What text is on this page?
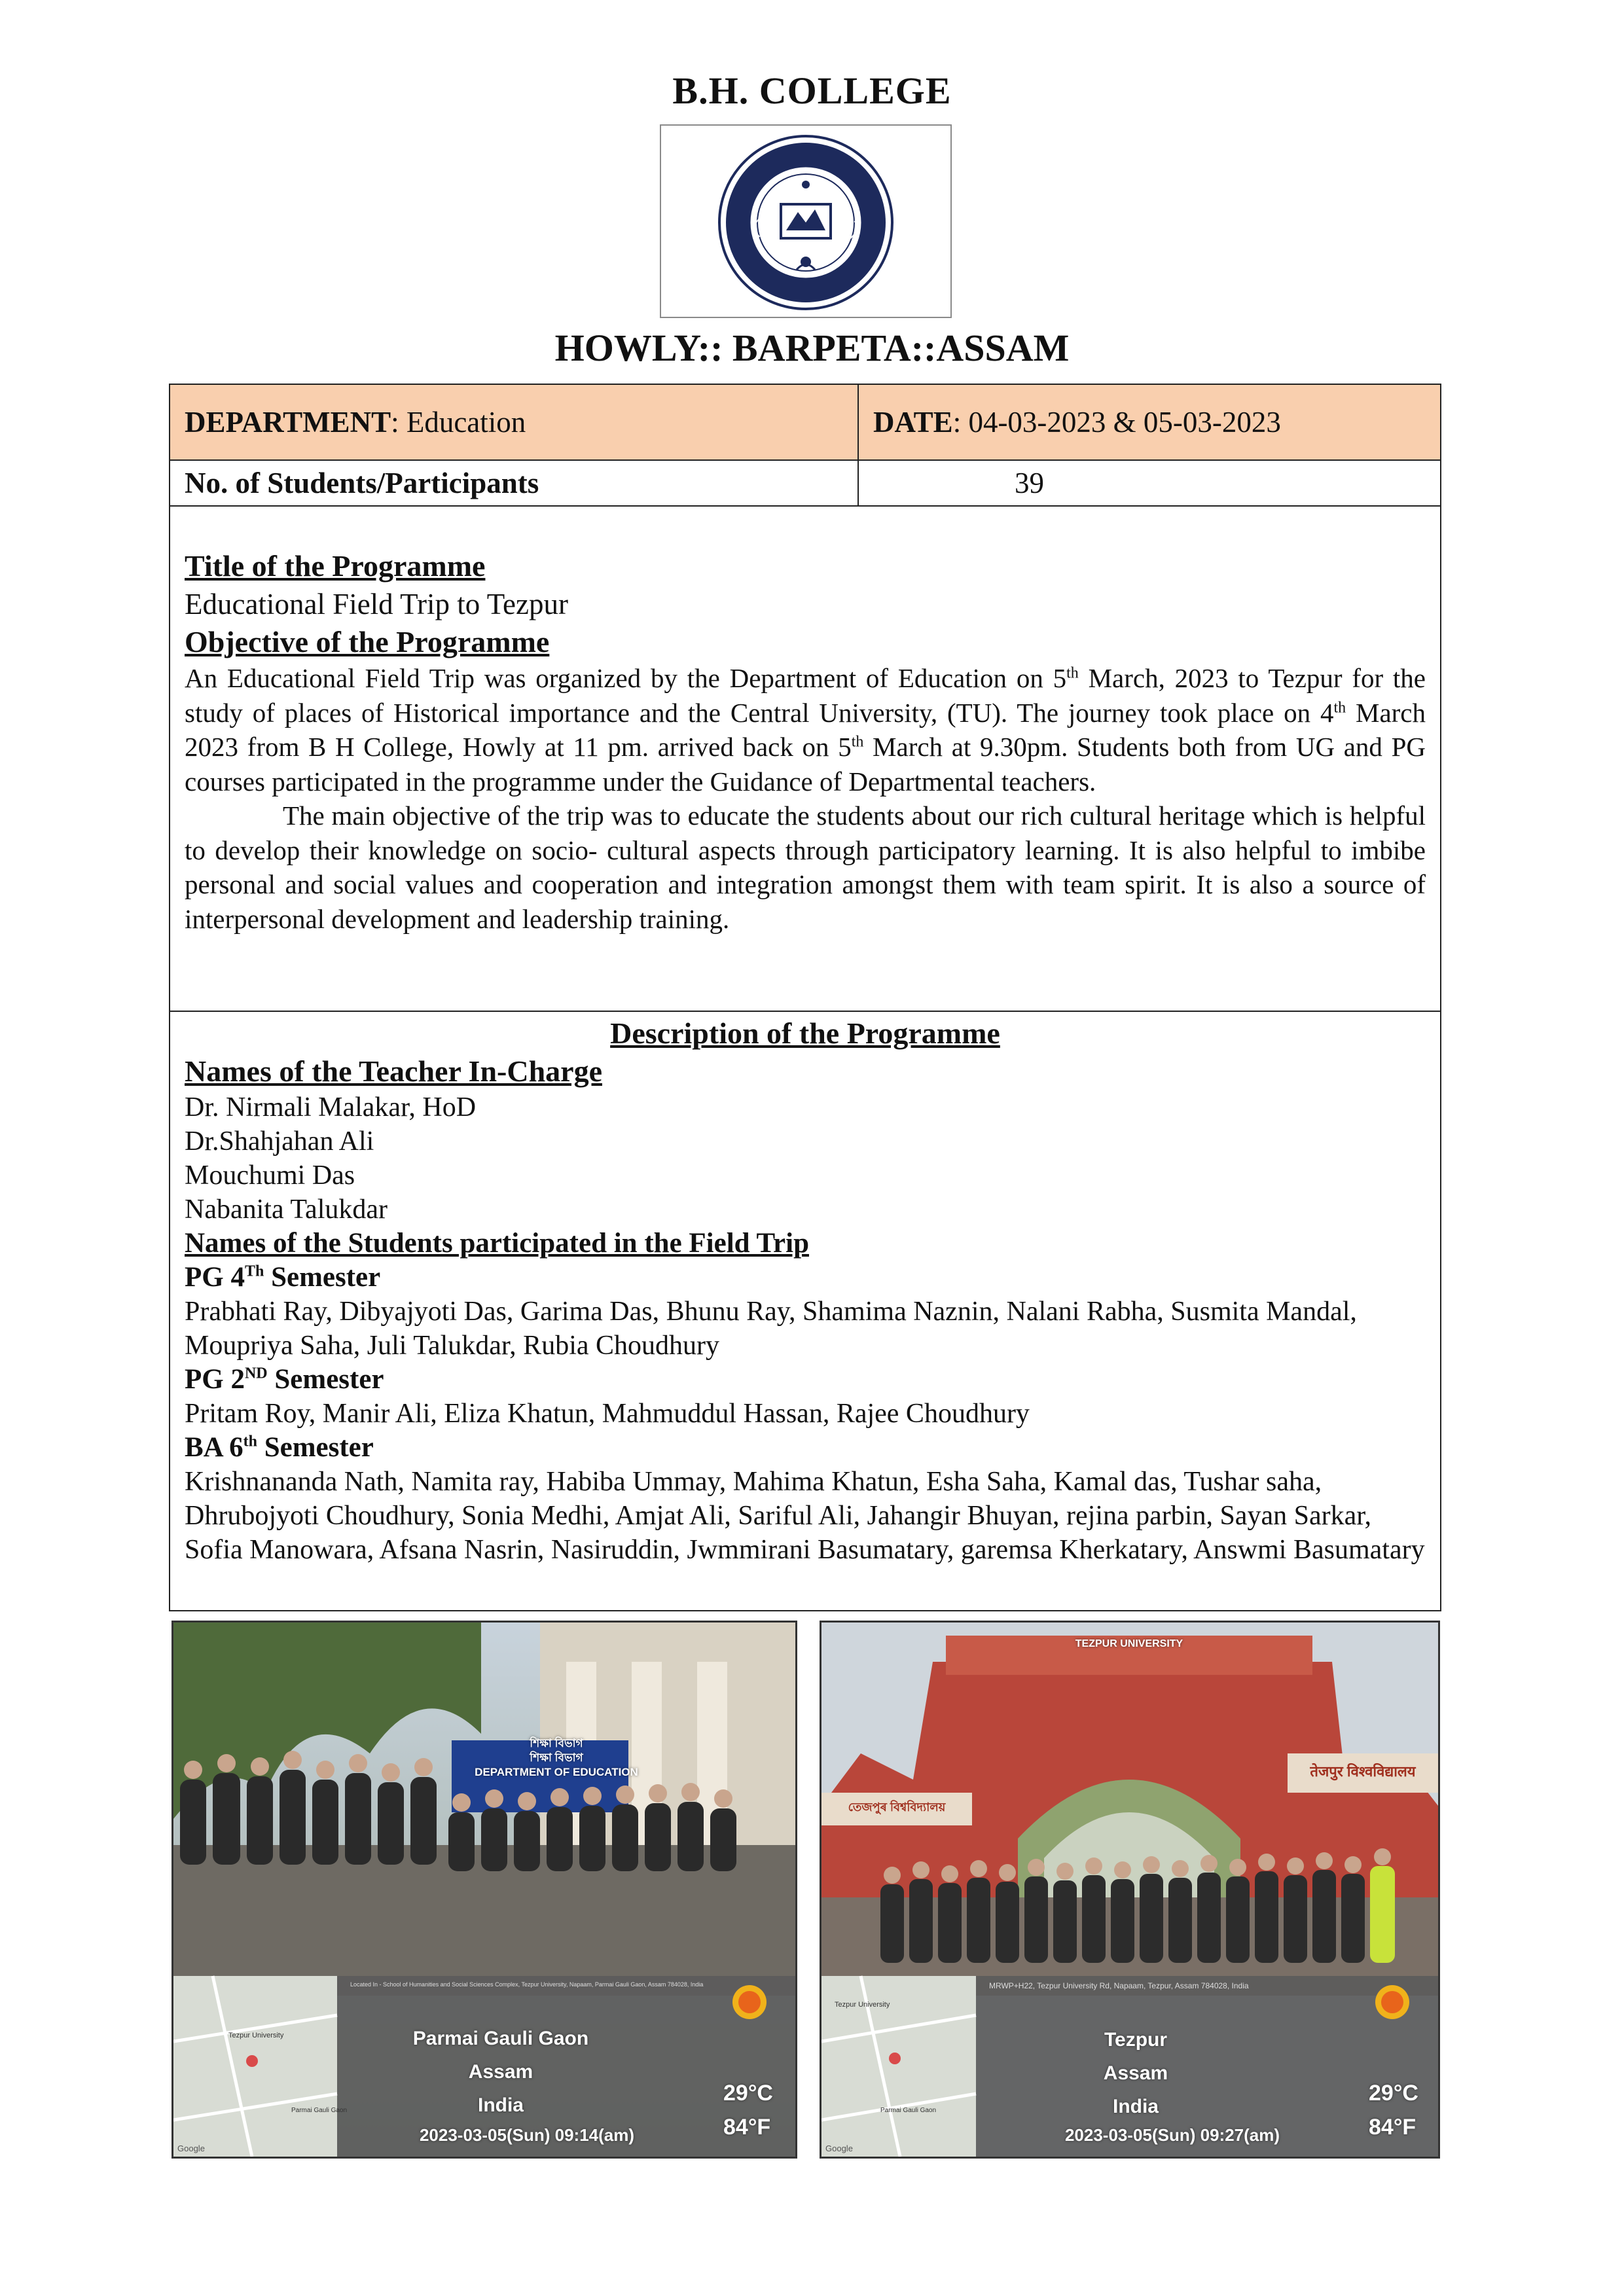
B.H. COLLEGE
HOWLY:: BARPETA::ASSAM
DEPARTMENT: Education	DATE: 04-03-2023 & 05-03-2023
No. of Students/Participants	39
Title of the Programme
Educational Field Trip to Tezpur
Objective of the Programme
An Educational Field Trip was organized by the Department of Education on 5th March, 2023 to Tezpur for the study of places of Historical importance and the Central University, (TU). The journey took place on 4th March 2023 from B H College, Howly at 11 pm. arrived back on 5th March at 9.30pm. Students both from UG and PG courses participated in the programme under the Guidance of Departmental teachers.
The main objective of the trip was to educate the students about our rich cultural heritage which is helpful to develop their knowledge on socio- cultural aspects through participatory learning. It is also helpful to imbibe personal and social values and cooperation and integration amongst them with team spirit. It is also a source of interpersonal development and leadership training.
Description of the Programme
Names of the Teacher In-Charge
Dr. Nirmali Malakar, HoD
Dr.Shahjahan Ali
Mouchumi Das
Nabanita Talukdar
Names of the Students participated in the Field Trip
PG 4Th Semester
Prabhati Ray, Dibyajyoti Das, Garima Das, Bhunu Ray, Shamima Naznin, Nalani Rabha, Susmita Mandal, Moupriya Saha, Juli Talukdar, Rubia Choudhury
PG 2ND Semester
Pritam Roy, Manir Ali, Eliza Khatun, Mahmuddul Hassan, Rajee Choudhury
BA 6th Semester
Krishnananda Nath, Namita ray, Habiba Ummay, Mahima Khatun, Esha Saha, Kamal das, Tushar saha, Dhrubojyoti Choudhury, Sonia Medhi, Amjat Ali, Sariful Ali, Jahangir Bhuyan, rejina parbin, Sayan Sarkar, Sofia Manowara, Afsana Nasrin, Nasiruddin, Jwmmirani Basumatary, garemsa Kherkatary, Answmi Basumatary
শিক্ষা বিভাগ
শিক্ষা বিভাগ
DEPARTMENT OF EDUCATION
Located In - School of Humanities and Social Sciences Complex, Tezpur University, Napaam, Parmai Gauli Gaon, Assam 784028, India
Tezpur University
Parmai Gauli Gaon
Google
Parmai Gauli Gaon
Assam
India	29°C
84°F
2023-03-05(Sun) 09:14(am)
TEZPUR UNIVERSITY
তেজপুৰ বিশ্ববিদ্যালয়
तेजपुर विश्वविद्यालय
MRWP+H22, Tezpur University Rd, Napaam, Tezpur, Assam 784028, India
Tezpur University
Parmai Gauli Gaon
Google
Tezpur
Assam
India
29°C
84°F
2023-03-05(Sun) 09:27(am)
